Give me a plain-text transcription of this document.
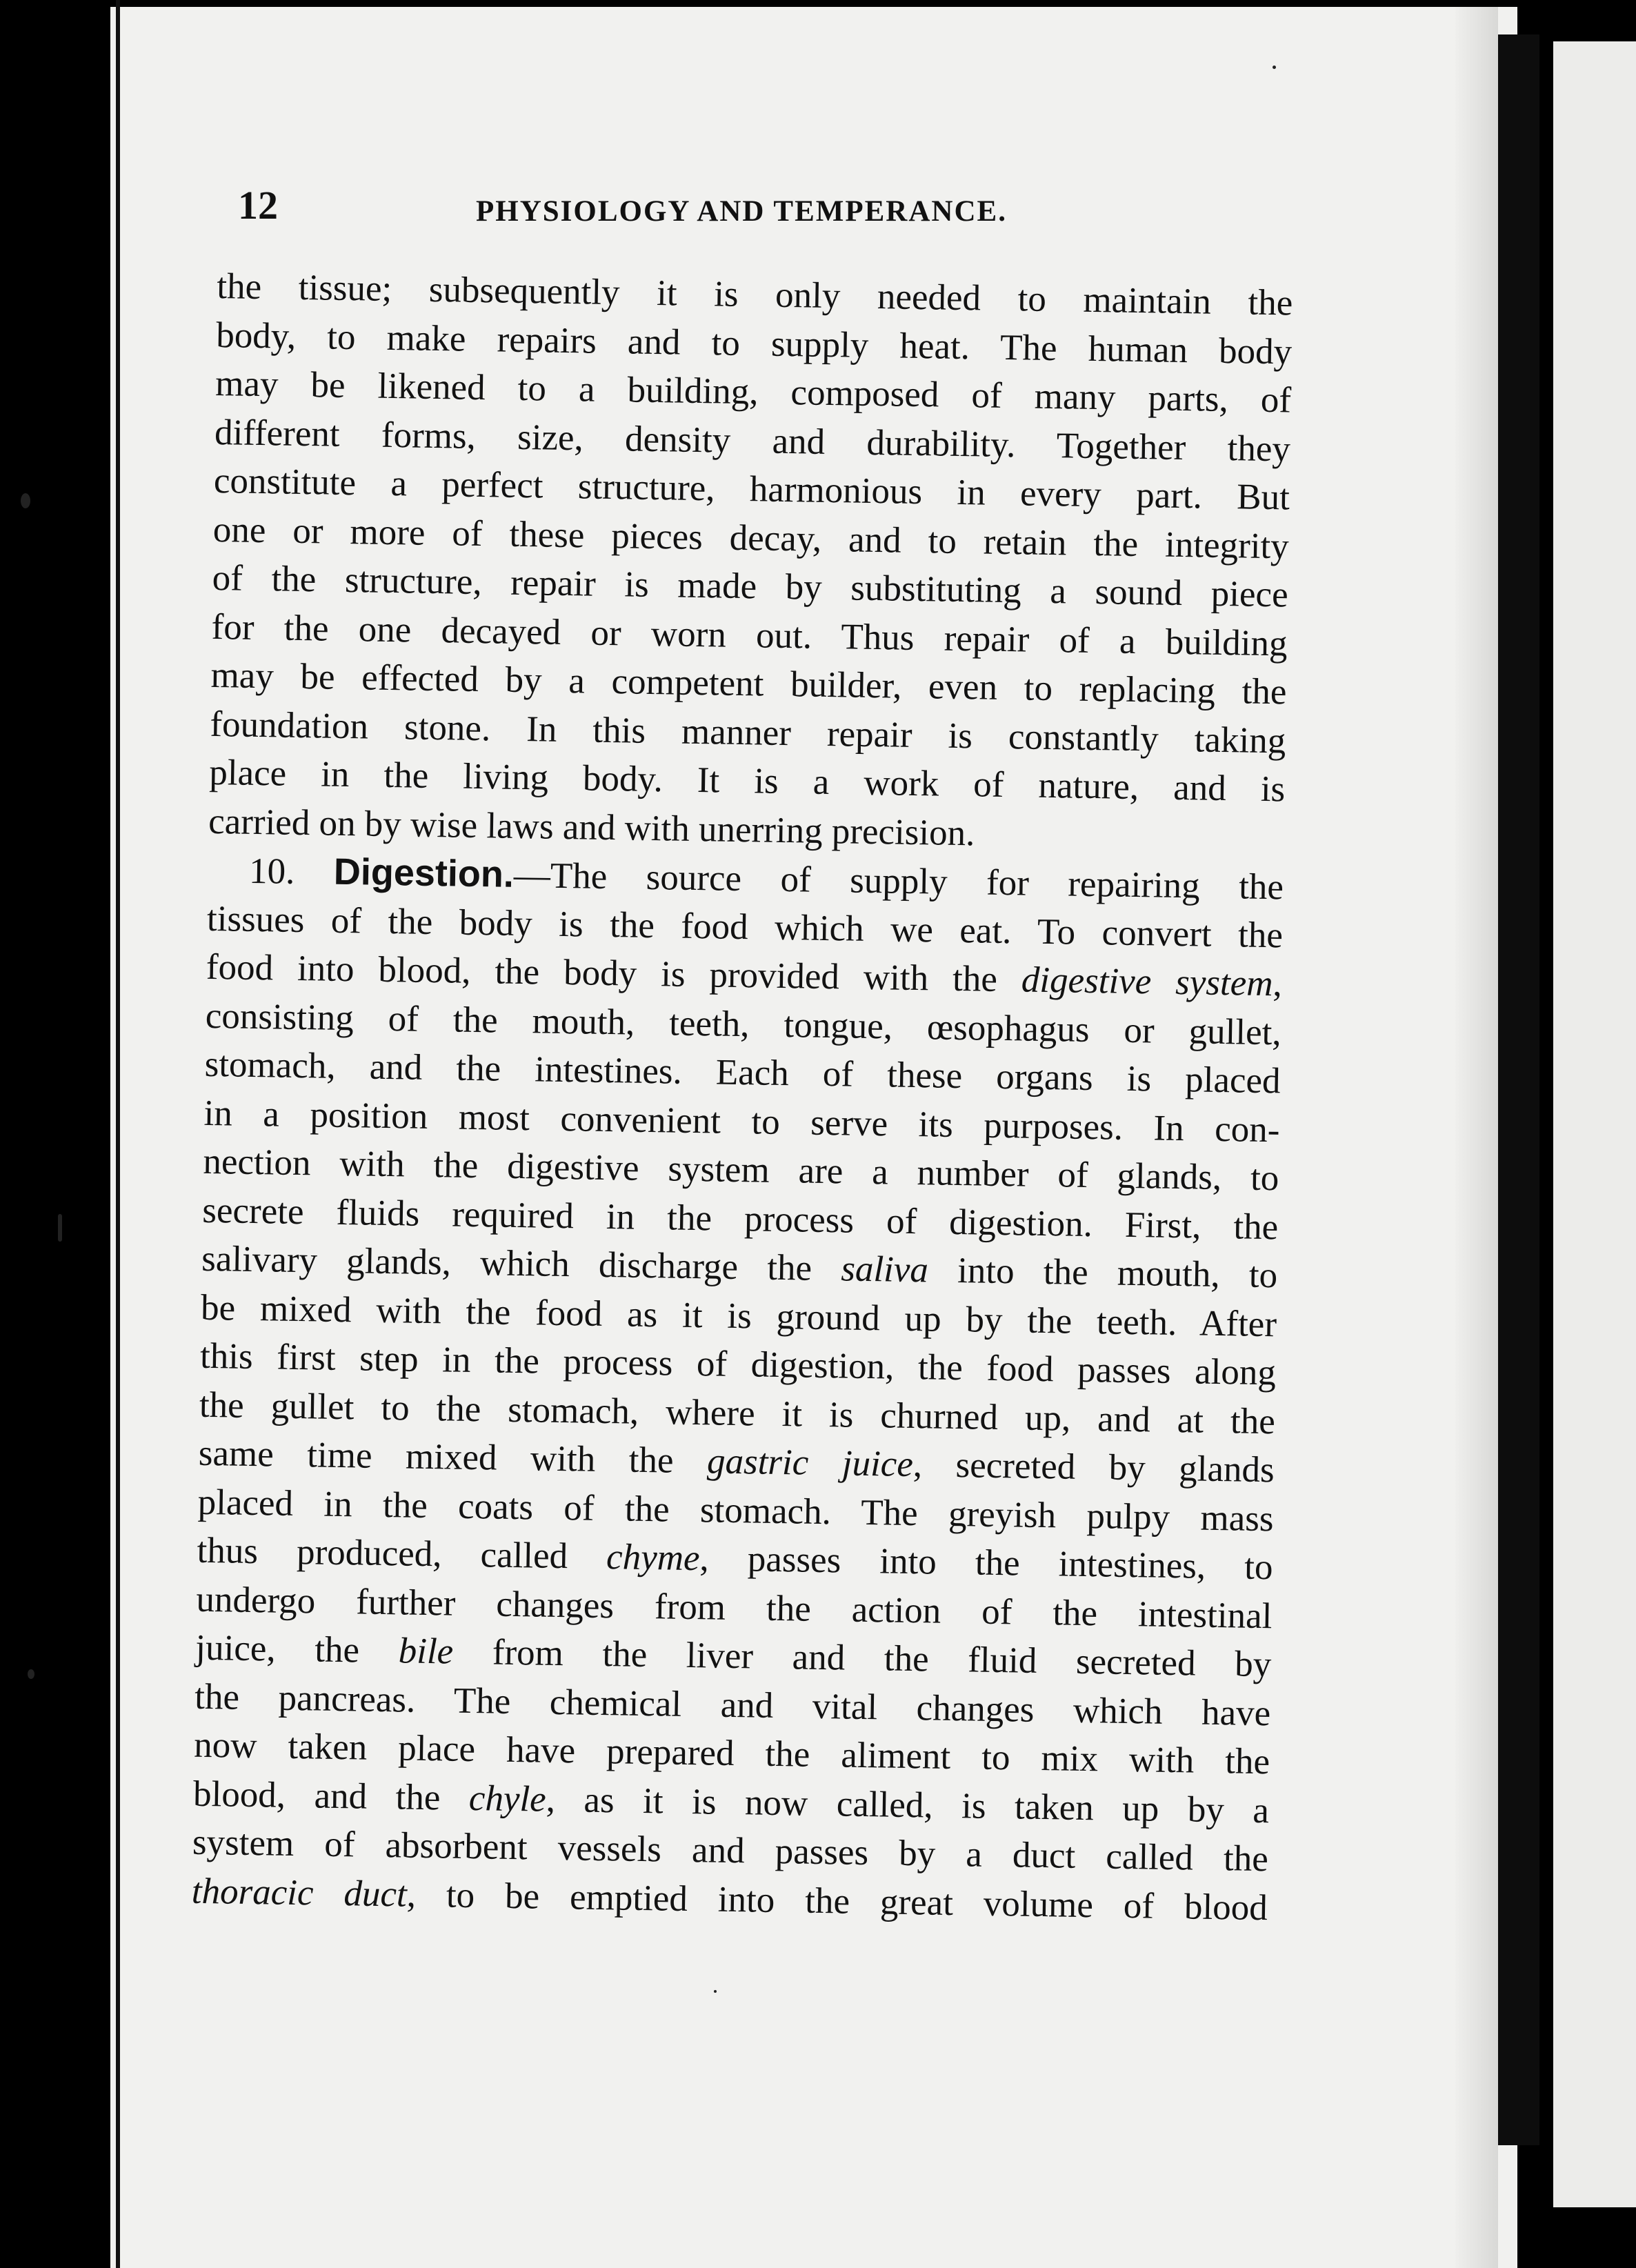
12	PHYSIOLOGY AND TEMPERANCE.
the tissue; subsequently it is only needed to maintain the
body, to make repairs and to supply heat. The human body
may be likened to a building, composed of many parts, of
different forms, size, density and durability. Together they
constitute a perfect structure, harmonious in every part. But
one or more of these pieces decay, and to retain the integrity
of the structure, repair is made by substituting a sound piece
for the one decayed or worn out. Thus repair of a building
may be effected by a competent builder, even to replacing the
foundation stone. In this manner repair is constantly taking
place in the living body. It is a work of nature, and is
carried on by wise laws and with unerring precision.
10. Digestion.—The source of supply for repairing the
tissues of the body is the food which we eat. To convert the
food into blood, the body is provided with the digestive system,
consisting of the mouth, teeth, tongue, œsophagus or gullet,
stomach, and the intestines. Each of these organs is placed
in a position most convenient to serve its purposes. In con-
nection with the digestive system are a number of glands, to
secrete fluids required in the process of digestion. First, the
salivary glands, which discharge the saliva into the mouth, to
be mixed with the food as it is ground up by the teeth. After
this first step in the process of digestion, the food passes along
the gullet to the stomach, where it is churned up, and at the
same time mixed with the gastric juice, secreted by glands
placed in the coats of the stomach. The greyish pulpy mass
thus produced, called chyme, passes into the intestines, to
undergo further changes from the action of the intestinal
juice, the bile from the liver and the fluid secreted by
the pancreas. The chemical and vital changes which have
now taken place have prepared the aliment to mix with the
blood, and the chyle, as it is now called, is taken up by a
system of absorbent vessels and passes by a duct called the
thoracic duct, to be emptied into the great volume of blood
